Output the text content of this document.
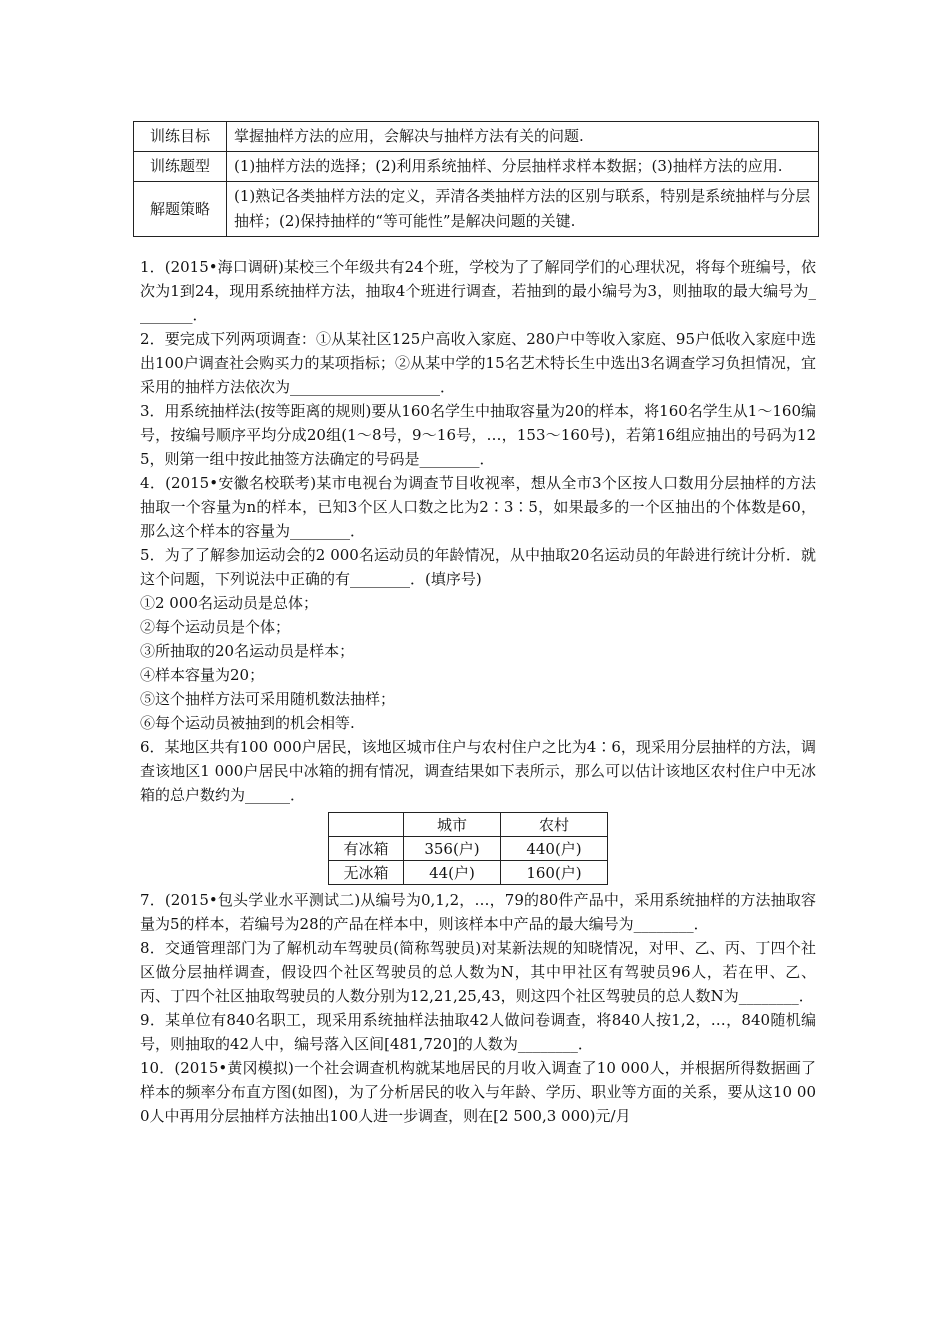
训练目标	掌握抽样方法的应用，会解决与抽样方法有关的问题.
训练题型	(1)抽样方法的选择；(2)利用系统抽样、分层抽样求样本数据；(3)抽样方法的应用.
解题策略	(1)熟记各类抽样方法的定义，弄清各类抽样方法的区别与联系，特别是系统抽样与分层抽样；(2)保持抽样的“等可能性”是解决问题的关键.

1．(2015•海口调研)某校三个年级共有24个班，学校为了了解同学们的心理状况，将每个班编号，依次为1到24，现用系统抽样方法，抽取4个班进行调查，若抽到的最小编号为3，则抽取的最大编号为________．

2．要完成下列两项调查：①从某社区125户高收入家庭、280户中等收入家庭、95户低收入家庭中选出100户调查社会购买力的某项指标；②从某中学的15名艺术特长生中选出3名调查学习负担情况，宜采用的抽样方法依次为____________________．

3．用系统抽样法(按等距离的规则)要从160名学生中抽取容量为20的样本，将160名学生从1～160编号，按编号顺序平均分成20组(1～8号，9～16号，…，153～160号)，若第16组应抽出的号码为125，则第一组中按此抽签方法确定的号码是________．

4．(2015•安徽名校联考)某市电视台为调查节目收视率，想从全市3个区按人口数用分层抽样的方法抽取一个容量为n的样本，已知3个区人口数之比为2∶3∶5，如果最多的一个区抽出的个体数是60，那么这个样本的容量为________．

5．为了了解参加运动会的2 000名运动员的年龄情况，从中抽取20名运动员的年龄进行统计分析．就这个问题，下列说法中正确的有________．(填序号)

①2 000名运动员是总体；

②每个运动员是个体；

③所抽取的20名运动员是样本；

④样本容量为20；

⑤这个抽样方法可采用随机数法抽样；

⑥每个运动员被抽到的机会相等.

6．某地区共有100 000户居民，该地区城市住户与农村住户之比为4∶6，现采用分层抽样的方法，调查该地区1 000户居民中冰箱的拥有情况，调查结果如下表所示，那么可以估计该地区农村住户中无冰箱的总户数约为______．

	城市	农村
有冰箱	356(户)	440(户)
无冰箱	44(户)	160(户)

7．(2015•包头学业水平测试二)从编号为0,1,2，…，79的80件产品中，采用系统抽样的方法抽取容量为5的样本，若编号为28的产品在样本中，则该样本中产品的最大编号为________．

8．交通管理部门为了解机动车驾驶员(简称驾驶员)对某新法规的知晓情况，对甲、乙、丙、丁四个社区做分层抽样调查，假设四个社区驾驶员的总人数为N，其中甲社区有驾驶员96人，若在甲、乙、丙、丁四个社区抽取驾驶员的人数分别为12,21,25,43，则这四个社区驾驶员的总人数N为________．

9．某单位有840名职工，现采用系统抽样法抽取42人做问卷调查，将840人按1,2，…，840随机编号，则抽取的42人中，编号落入区间[481,720]的人数为________．

10．(2015•黄冈模拟)一个社会调查机构就某地居民的月收入调查了10 000人，并根据所得数据画了样本的频率分布直方图(如图)，为了分析居民的收入与年龄、学历、职业等方面的关系，要从这10 000人中再用分层抽样方法抽出100人进一步调查，则在[2 500,3 000)元/月
